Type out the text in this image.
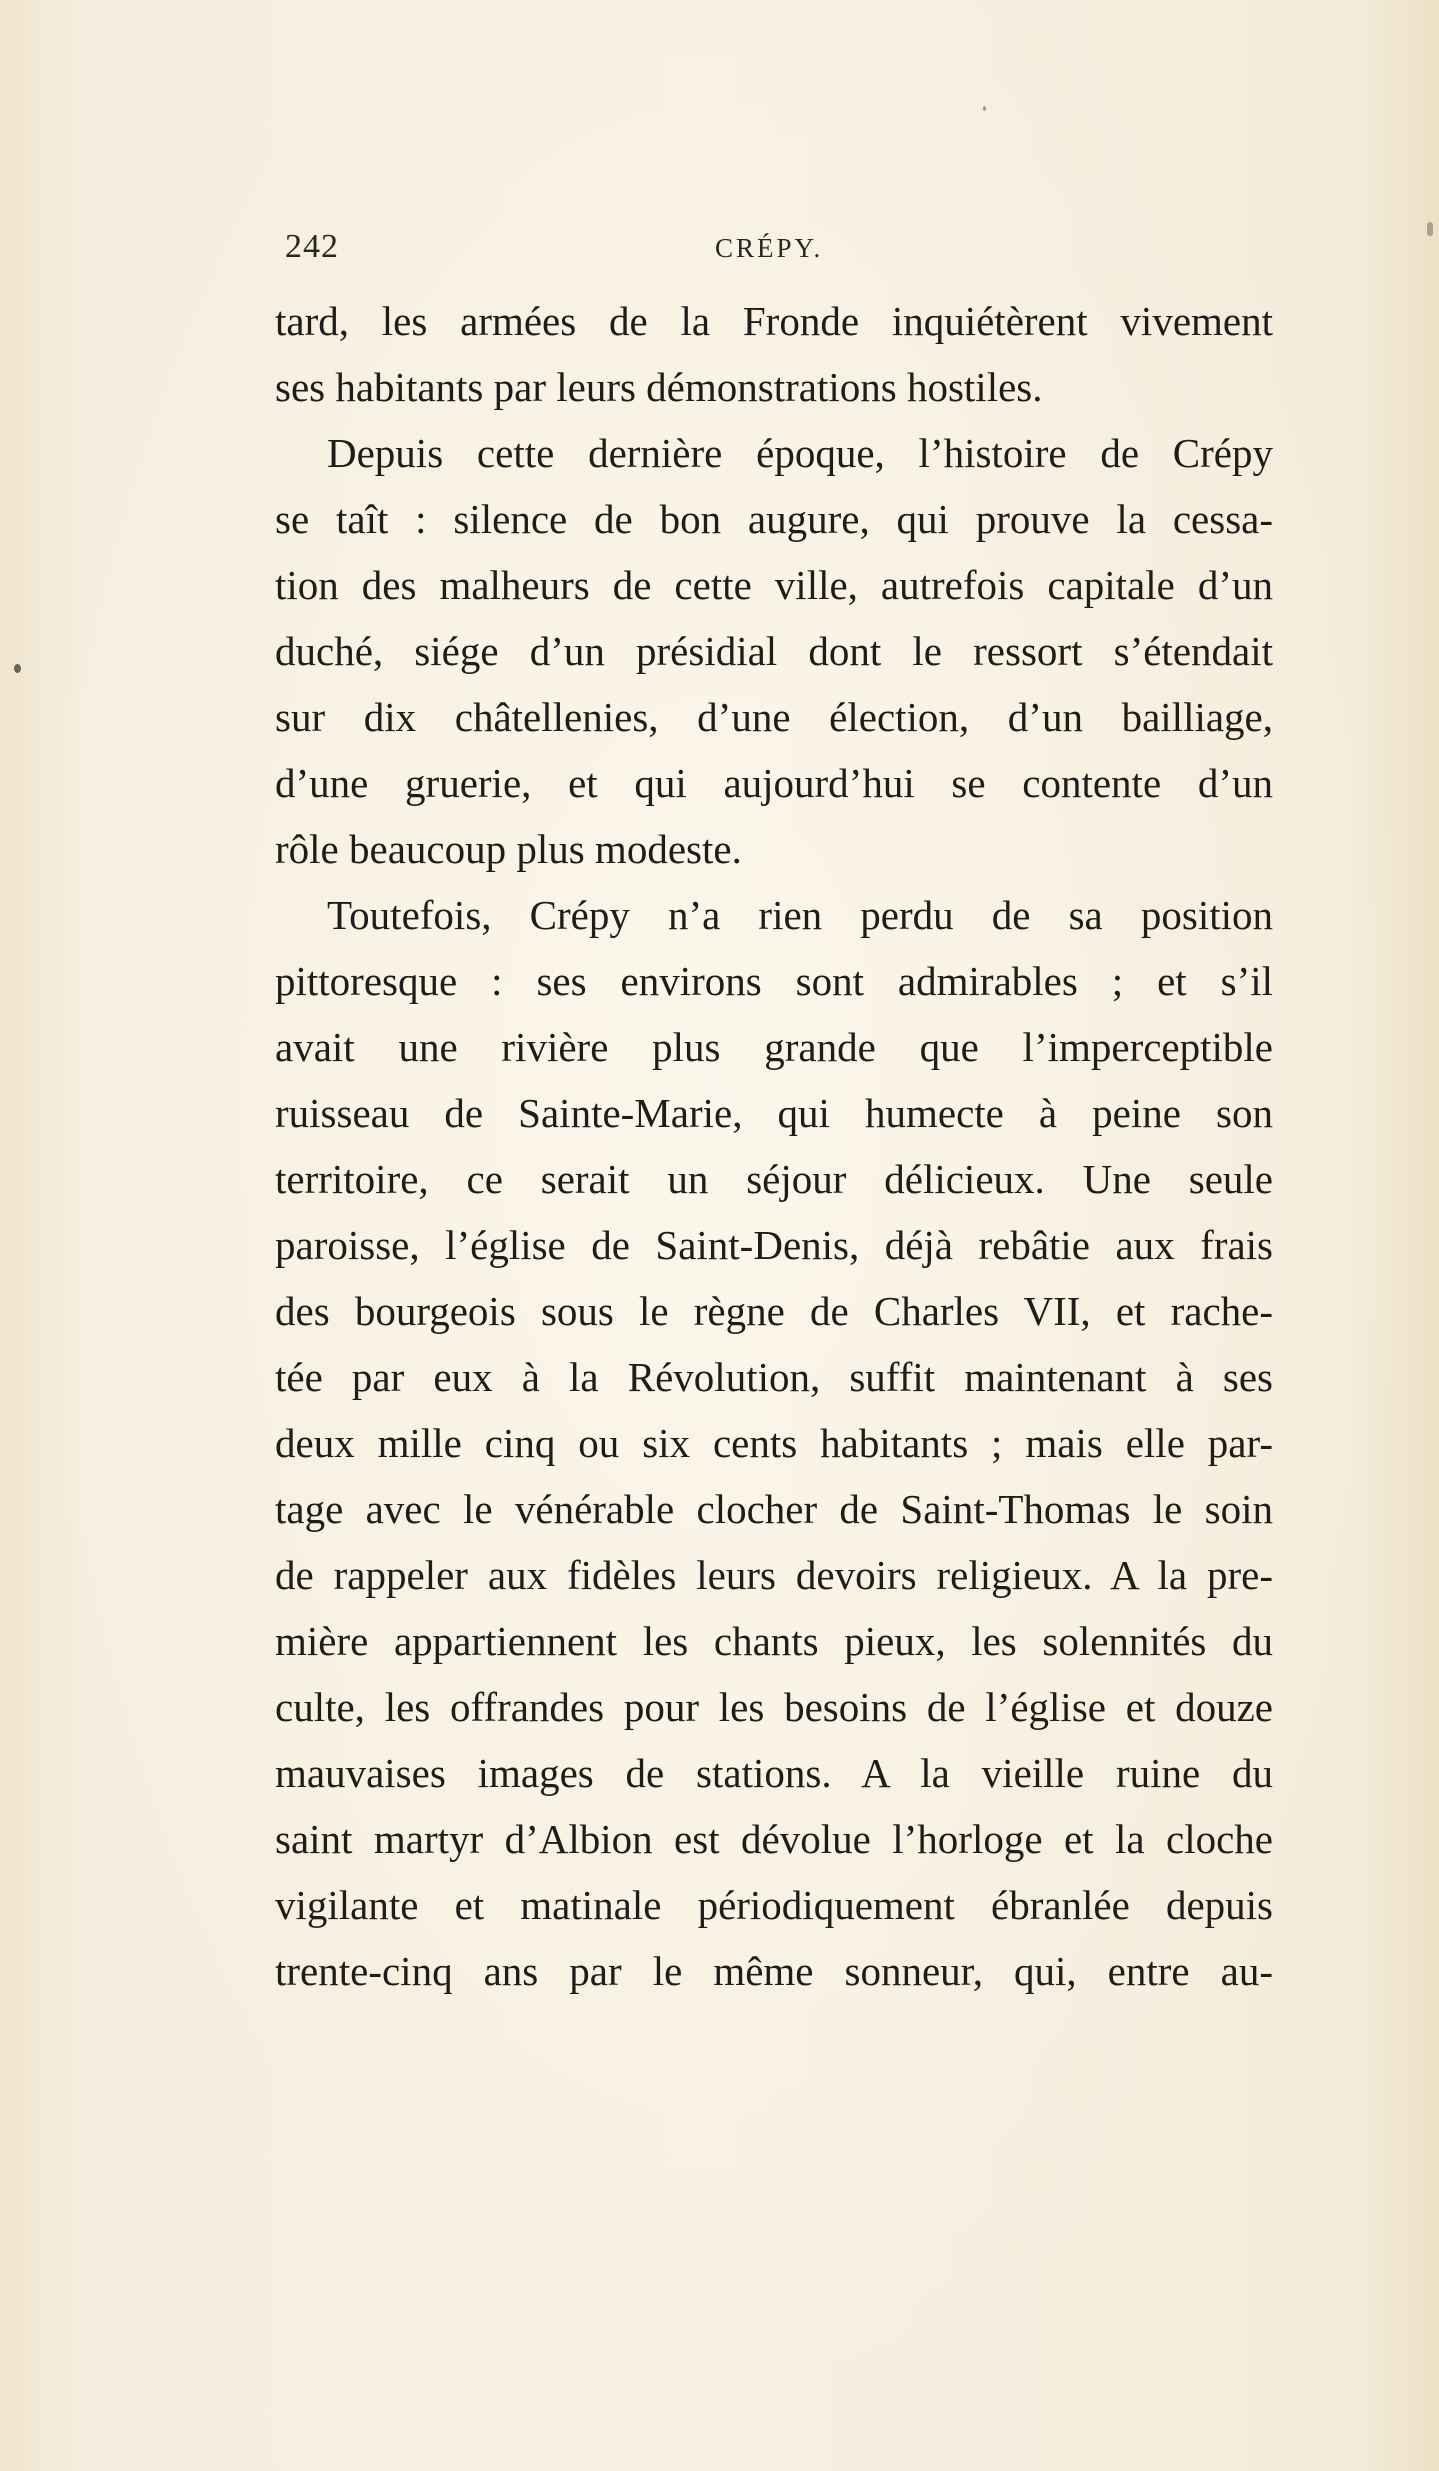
242	CRÉPY.
tard, les armées de la Fronde inquiétèrent vivement
ses habitants par leurs démonstrations hostiles.
Depuis cette dernière époque, l’histoire de Crépy
se taît : silence de bon augure, qui prouve la cessa-
tion des malheurs de cette ville, autrefois capitale d’un
duché, siége d’un présidial dont le ressort s’étendait
sur dix châtellenies, d’une élection, d’un bailliage,
d’une gruerie, et qui aujourd’hui se contente d’un
rôle beaucoup plus modeste.
Toutefois, Crépy n’a rien perdu de sa position
pittoresque : ses environs sont admirables ; et s’il
avait une rivière plus grande que l’imperceptible
ruisseau de Sainte-Marie, qui humecte à peine son
territoire, ce serait un séjour délicieux. Une seule
paroisse, l’église de Saint-Denis, déjà rebâtie aux frais
des bourgeois sous le règne de Charles VII, et rache-
tée par eux à la Révolution, suffit maintenant à ses
deux mille cinq ou six cents habitants ; mais elle par-
tage avec le vénérable clocher de Saint-Thomas le soin
de rappeler aux fidèles leurs devoirs religieux. A la pre-
mière appartiennent les chants pieux, les solennités du
culte, les offrandes pour les besoins de l’église et douze
mauvaises images de stations. A la vieille ruine du
saint martyr d’Albion est dévolue l’horloge et la cloche
vigilante et matinale périodiquement ébranlée depuis
trente-cinq ans par le même sonneur, qui, entre au-
